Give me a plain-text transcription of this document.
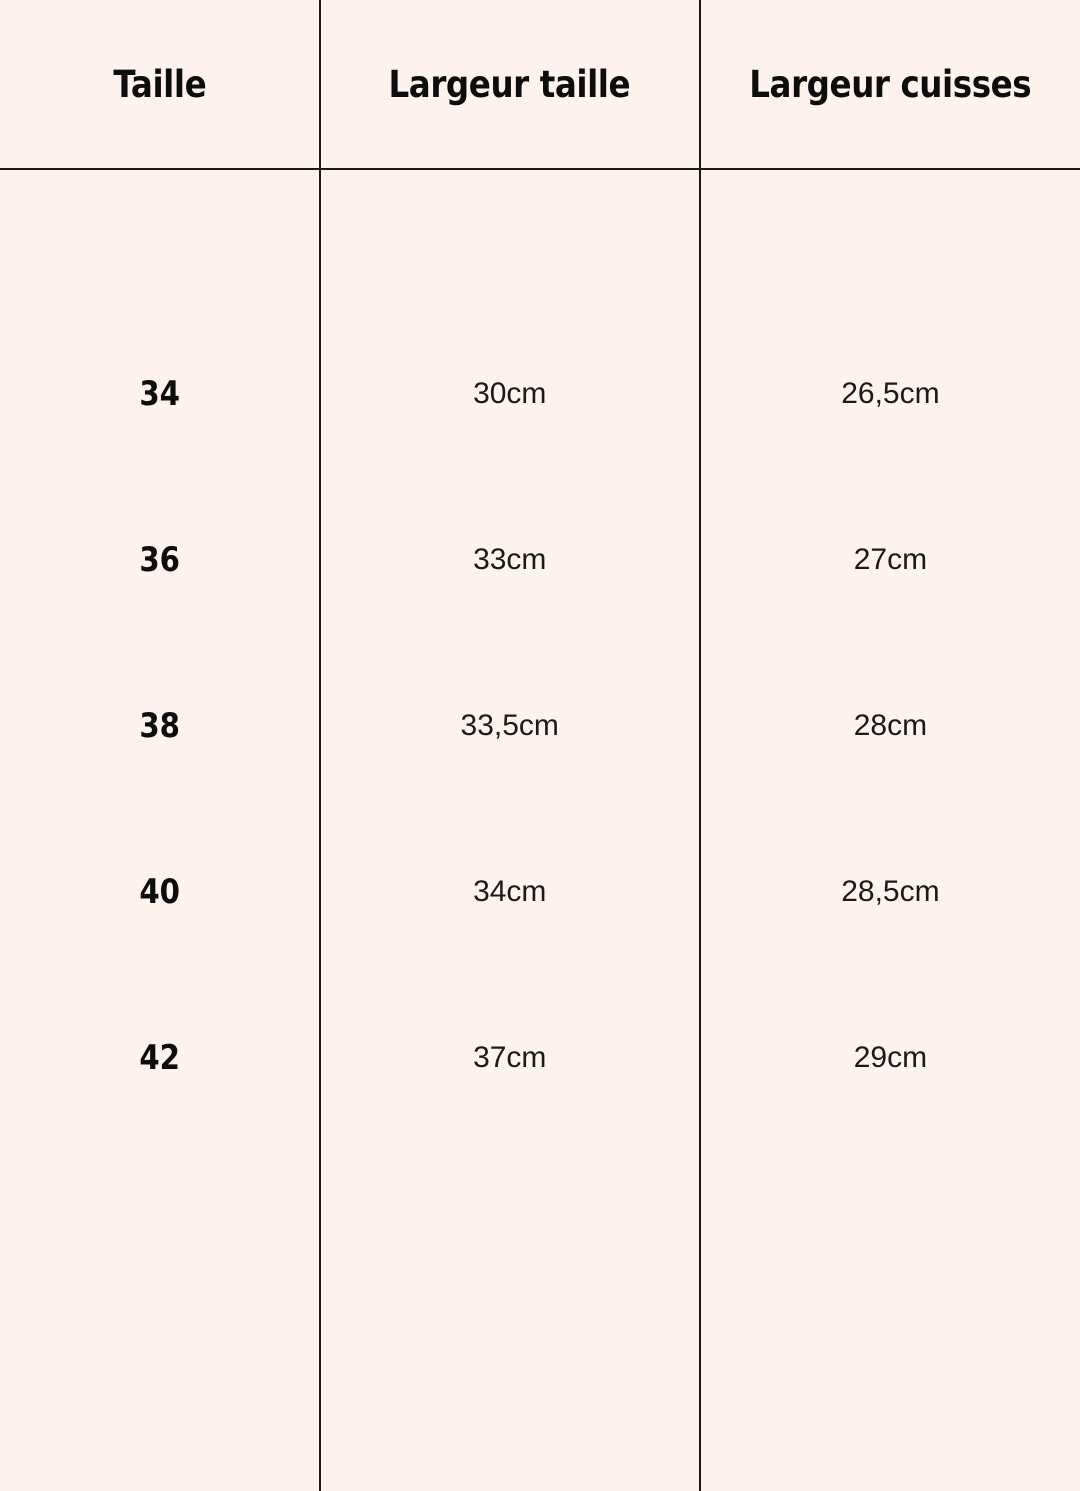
Taille	Largeur taille	Largeur cuisses

34	30cm	26,5cm
36	33cm	27cm
38	33,5cm	28cm
40	34cm	28,5cm
42	37cm	29cm
